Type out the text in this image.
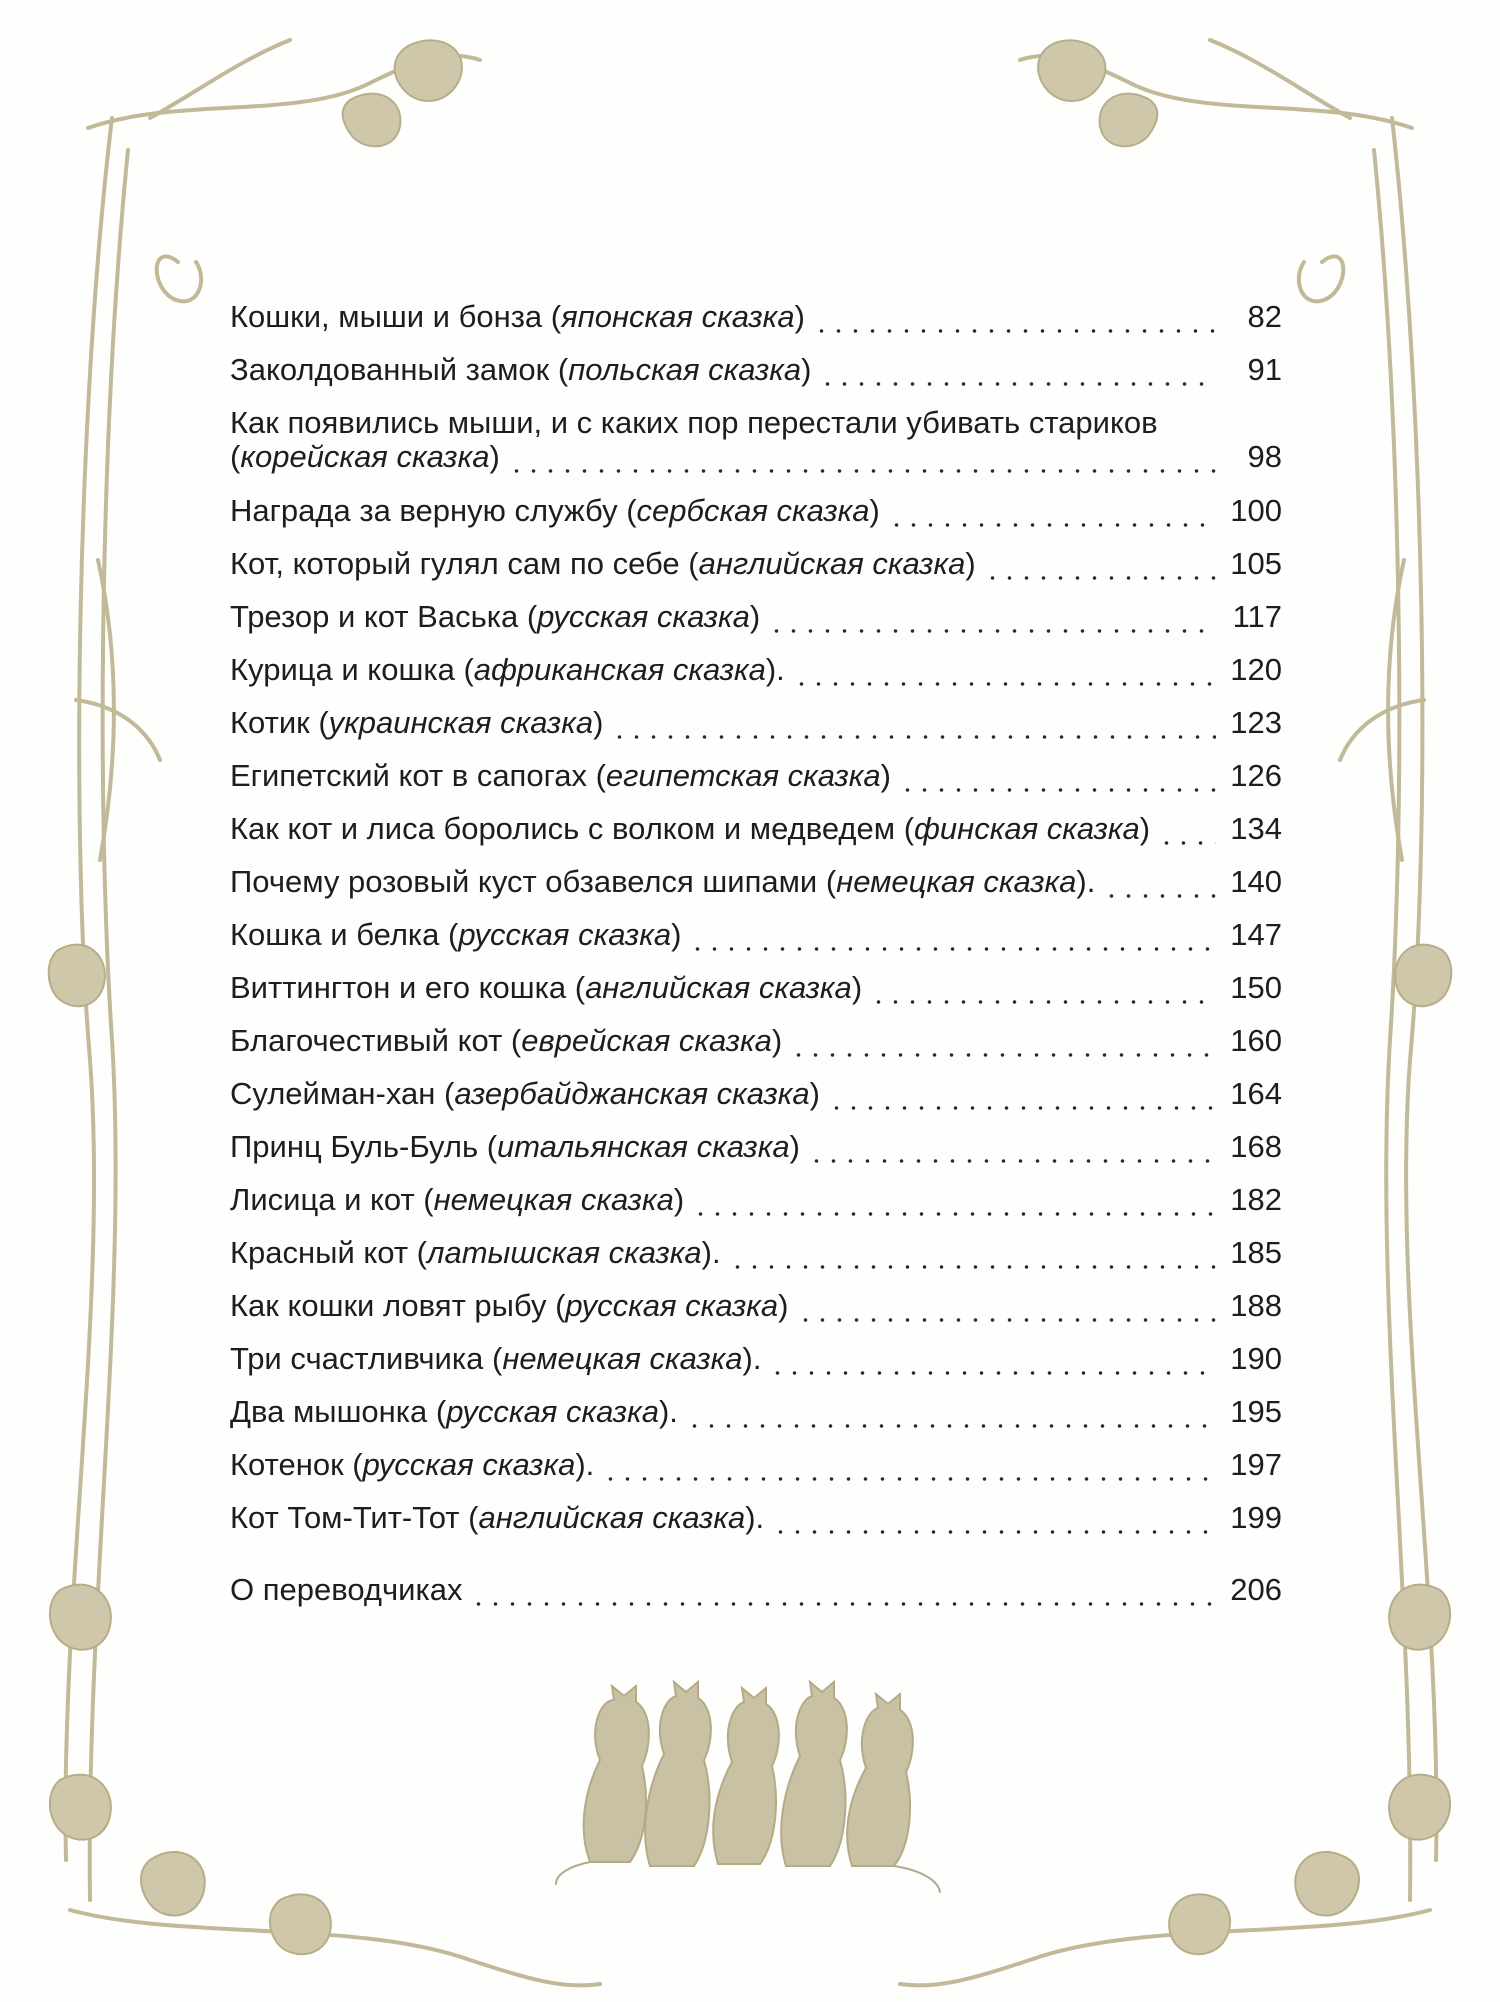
Кошки, мыши и бонза (японская сказка)	82
Заколдованный замок (польская сказка)	91
Как появились мыши, и с каких пор перестали убивать стариков
(корейская сказка)	98
Награда за верную службу (сербская сказка)	100
Кот, который гулял сам по себе (английская сказка)	105
Трезор и кот Васька (русская сказка)	117
Курица и кошка (африканская сказка).	120
Котик (украинская сказка)	123
Египетский кот в сапогах (египетская сказка)	126
Как кот и лиса боролись с волком и медведем (финская сказка)	134
Почему розовый куст обзавелся шипами (немецкая сказка).	140
Кошка и белка (русская сказка)	147
Виттингтон и его кошка (английская сказка)	150
Благочестивый кот (еврейская сказка)	160
Сулейман-хан (азербайджанская сказка)	164
Принц Буль-Буль (итальянская сказка)	168
Лисица и кот (немецкая сказка)	182
Красный кот (латышская сказка).	185
Как кошки ловят рыбу (русская сказка)	188
Три счастливчика (немецкая сказка).	190
Два мышонка (русская сказка).	195
Котенок (русская сказка).	197
Кот Том-Тит-Тот (английская сказка).	199
О переводчиках	206
